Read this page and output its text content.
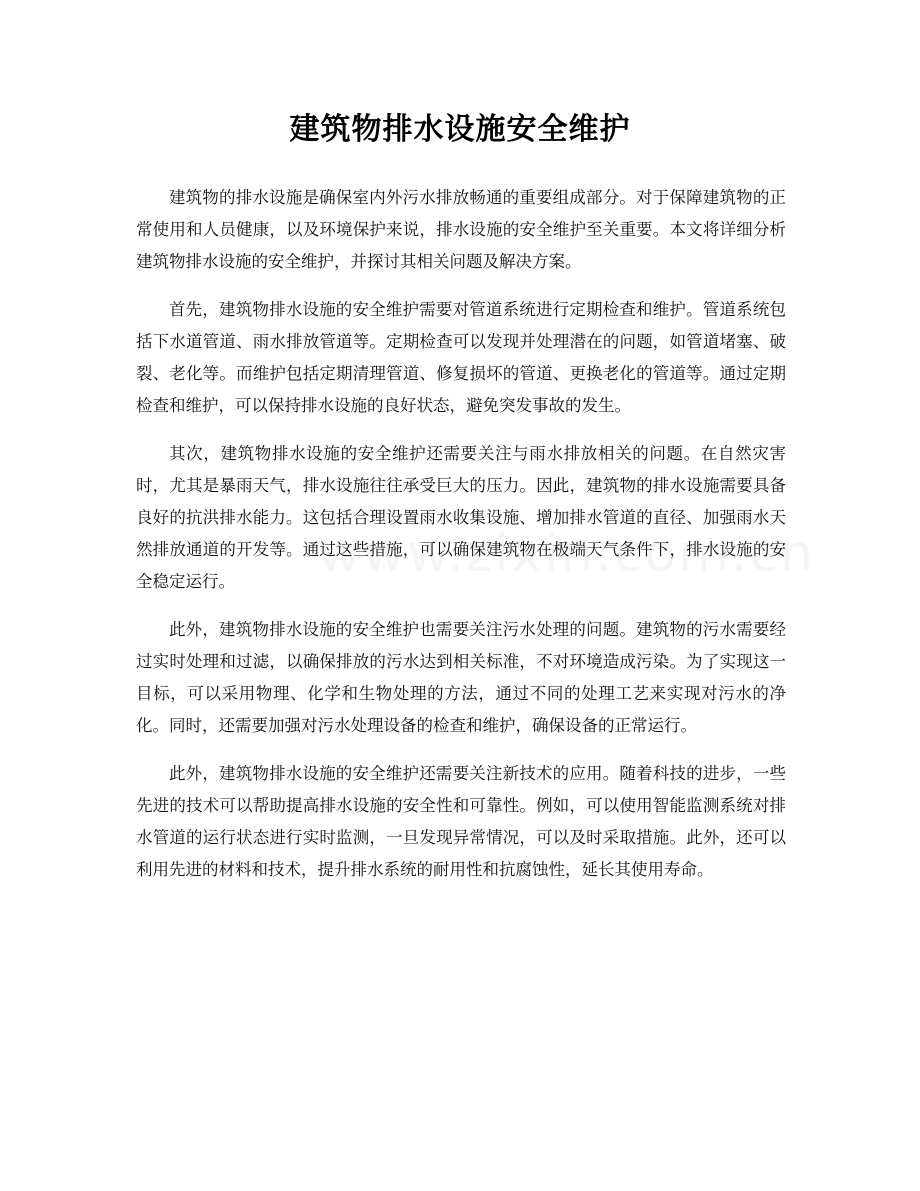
建筑物排水设施安全维护

建筑物的排水设施是确保室内外污水排放畅通的重要组成部分。对于保障建筑物的正常使用和人员健康，以及环境保护来说，排水设施的安全维护至关重要。本文将详细分析建筑物排水设施的安全维护，并探讨其相关问题及解决方案。

首先，建筑物排水设施的安全维护需要对管道系统进行定期检查和维护。管道系统包括下水道管道、雨水排放管道等。定期检查可以发现并处理潜在的问题，如管道堵塞、破裂、老化等。而维护包括定期清理管道、修复损坏的管道、更换老化的管道等。通过定期检查和维护，可以保持排水设施的良好状态，避免突发事故的发生。

其次，建筑物排水设施的安全维护还需要关注与雨水排放相关的问题。在自然灾害时，尤其是暴雨天气，排水设施往往承受巨大的压力。因此，建筑物的排水设施需要具备良好的抗洪排水能力。这包括合理设置雨水收集设施、增加排水管道的直径、加强雨水天然排放通道的开发等。通过这些措施，可以确保建筑物在极端天气条件下，排水设施的安全稳定运行。

此外，建筑物排水设施的安全维护也需要关注污水处理的问题。建筑物的污水需要经过实时处理和过滤，以确保排放的污水达到相关标准，不对环境造成污染。为了实现这一目标，可以采用物理、化学和生物处理的方法，通过不同的处理工艺来实现对污水的净化。同时，还需要加强对污水处理设备的检查和维护，确保设备的正常运行。

此外，建筑物排水设施的安全维护还需要关注新技术的应用。随着科技的进步，一些先进的技术可以帮助提高排水设施的安全性和可靠性。例如，可以使用智能监测系统对排水管道的运行状态进行实时监测，一旦发现异常情况，可以及时采取措施。此外，还可以利用先进的材料和技术，提升排水系统的耐用性和抗腐蚀性，延长其使用寿命。
